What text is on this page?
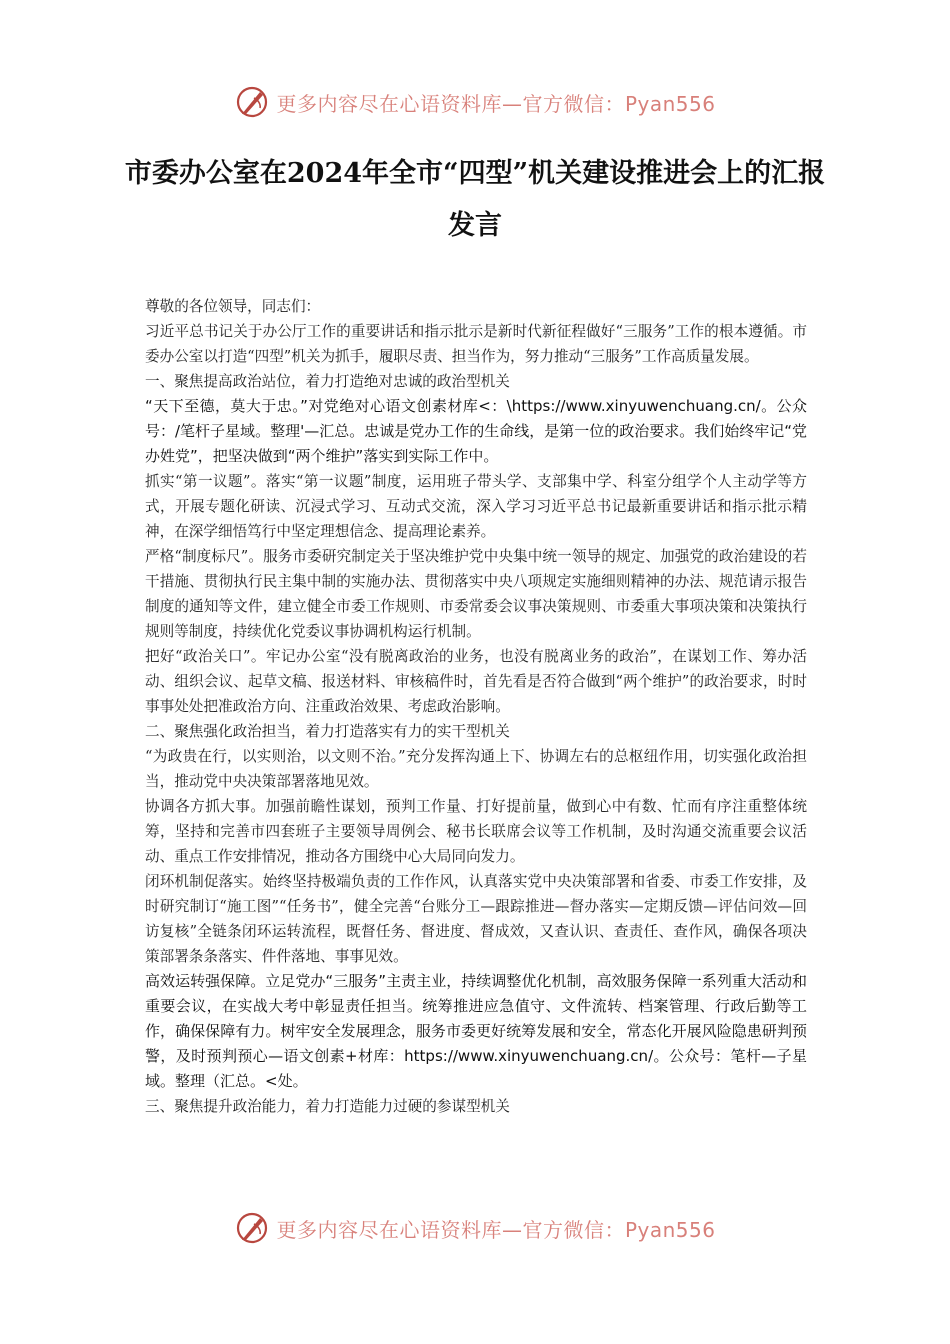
更多内容尽在心语资料库—官方微信：Pyan556
市委办公室在2024年全市“四型”机关建设推进会上的汇报发言

尊敬的各位领导，同志们：

习近平总书记关于办公厅工作的重要讲话和指示批示是新时代新征程做好“三服务”工作的根本遵循。市委办公室以打造“四型”机关为抓手，履职尽责、担当作为，努力推动“三服务”工作高质量发展。

一、聚焦提高政治站位，着力打造绝对忠诚的政治型机关

“天下至德，莫大于忠。”对党绝对心语文创素材库<：\https://www.xinyuwenchuang.cn/。公众号：/笔杆子星域。整理'—汇总。忠诚是党办工作的生命线，是第一位的政治要求。我们始终牢记“党办姓党”，把坚决做到“两个维护”落实到实际工作中。

抓实“第一议题”。落实“第一议题”制度，运用班子带头学、支部集中学、科室分组学个人主动学等方式，开展专题化研读、沉浸式学习、互动式交流，深入学习习近平总书记最新重要讲话和指示批示精神，在深学细悟笃行中坚定理想信念、提高理论素养。

严格“制度标尺”。服务市委研究制定关于坚决维护党中央集中统一领导的规定、加强党的政治建设的若干措施、贯彻执行民主集中制的实施办法、贯彻落实中央八项规定实施细则精神的办法、规范请示报告制度的通知等文件，建立健全市委工作规则、市委常委会议事决策规则、市委重大事项决策和决策执行规则等制度，持续优化党委议事协调机构运行机制。

把好“政治关口”。牢记办公室“没有脱离政治的业务，也没有脱离业务的政治”，在谋划工作、筹办活动、组织会议、起草文稿、报送材料、审核稿件时，首先看是否符合做到“两个维护”的政治要求，时时事事处处把准政治方向、注重政治效果、考虑政治影响。

二、聚焦强化政治担当，着力打造落实有力的实干型机关

“为政贵在行，以实则治，以文则不治。”充分发挥沟通上下、协调左右的总枢纽作用，切实强化政治担当，推动党中央决策部署落地见效。

协调各方抓大事。加强前瞻性谋划，预判工作量、打好提前量，做到心中有数、忙而有序注重整体统筹，坚持和完善市四套班子主要领导周例会、秘书长联席会议等工作机制，及时沟通交流重要会议活动、重点工作安排情况，推动各方围绕中心大局同向发力。

闭环机制促落实。始终坚持极端负责的工作作风，认真落实党中央决策部署和省委、市委工作安排，及时研究制订“施工图”“任务书”，健全完善“台账分工—跟踪推进—督办落实—定期反馈—评估问效—回访复核”全链条闭环运转流程，既督任务、督进度、督成效，又查认识、查责任、查作风，确保各项决策部署条条落实、件件落地、事事见效。

高效运转强保障。立足党办“三服务”主责主业，持续调整优化机制，高效服务保障一系列重大活动和重要会议，在实战大考中彰显责任担当。统筹推进应急值守、文件流转、档案管理、行政后勤等工作，确保保障有力。树牢安全发展理念，服务市委更好统筹发展和安全，常态化开展风险隐患研判预警，及时预判预心—语文创素+材库：https://www.xinyuwenchuang.cn/。公众号：笔杆—子星域。整理（汇总。<处。

三、聚焦提升政治能力，着力打造能力过硬的参谋型机关

更多内容尽在心语资料库—官方微信：Pyan556
